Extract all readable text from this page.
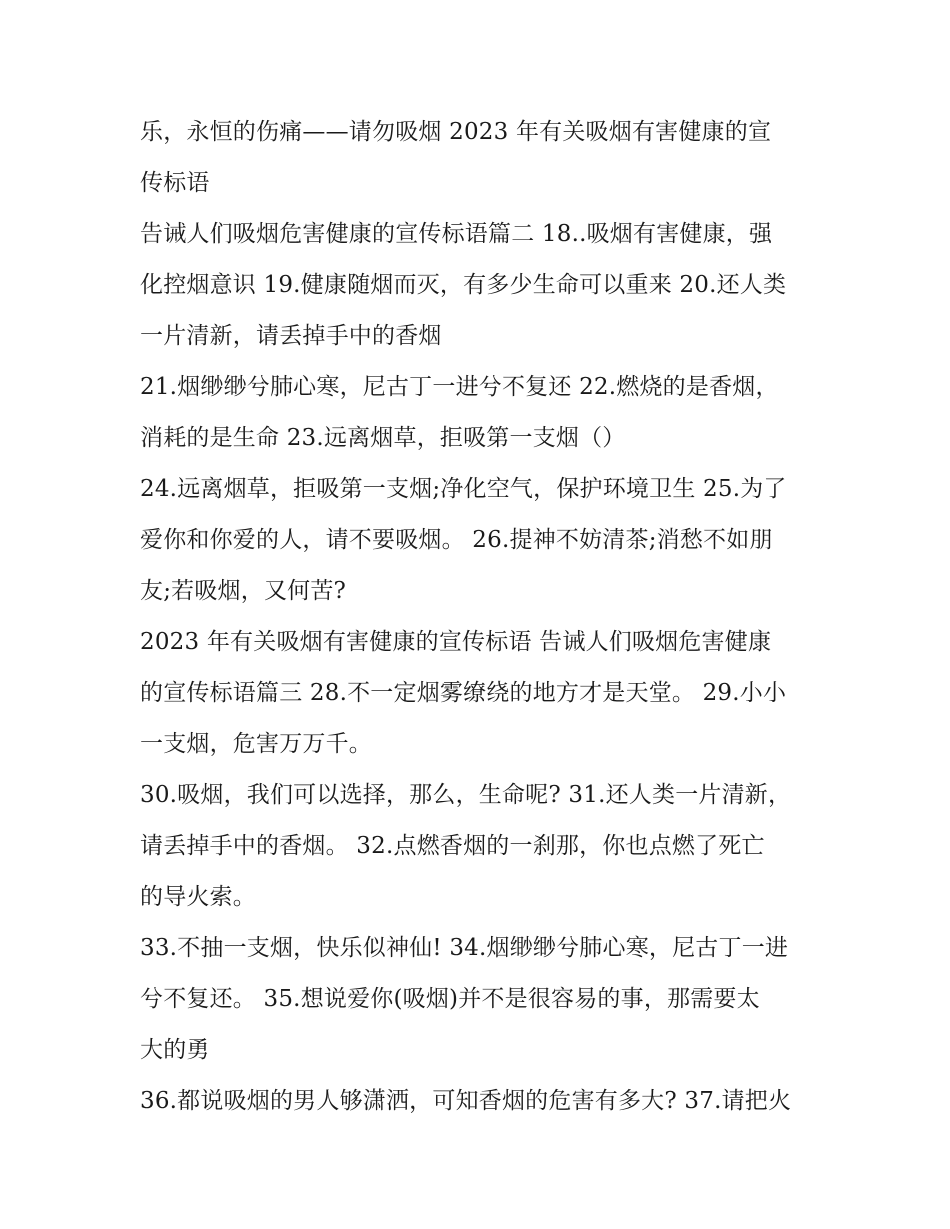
乐，永恒的伤痛——请勿吸烟 2023 年有关吸烟有害健康的宣
传标语
告诫人们吸烟危害健康的宣传标语篇二 18..吸烟有害健康，强
化控烟意识 19.健康随烟而灭，有多少生命可以重来 20.还人类
一片清新，请丢掉手中的香烟
21.烟缈缈兮肺心寒，尼古丁一进兮不复还 22.燃烧的是香烟，
消耗的是生命 23.远离烟草，拒吸第一支烟（）
24.远离烟草，拒吸第一支烟;净化空气，保护环境卫生 25.为了
爱你和你爱的人，请不要吸烟。 26.提神不妨清茶;消愁不如朋
友;若吸烟，又何苦?
2023 年有关吸烟有害健康的宣传标语 告诫人们吸烟危害健康
的宣传标语篇三 28.不一定烟雾缭绕的地方才是天堂。 29.小小
一支烟，危害万万千。
30.吸烟，我们可以选择，那么，生命呢? 31.还人类一片清新，
请丢掉手中的香烟。 32.点燃香烟的一刹那，你也点燃了死亡
的导火索。
33.不抽一支烟，快乐似神仙! 34.烟缈缈兮肺心寒，尼古丁一进
兮不复还。 35.想说爱你(吸烟)并不是很容易的事，那需要太
大的勇
36.都说吸烟的男人够潇洒，可知香烟的危害有多大? 37.请把火
